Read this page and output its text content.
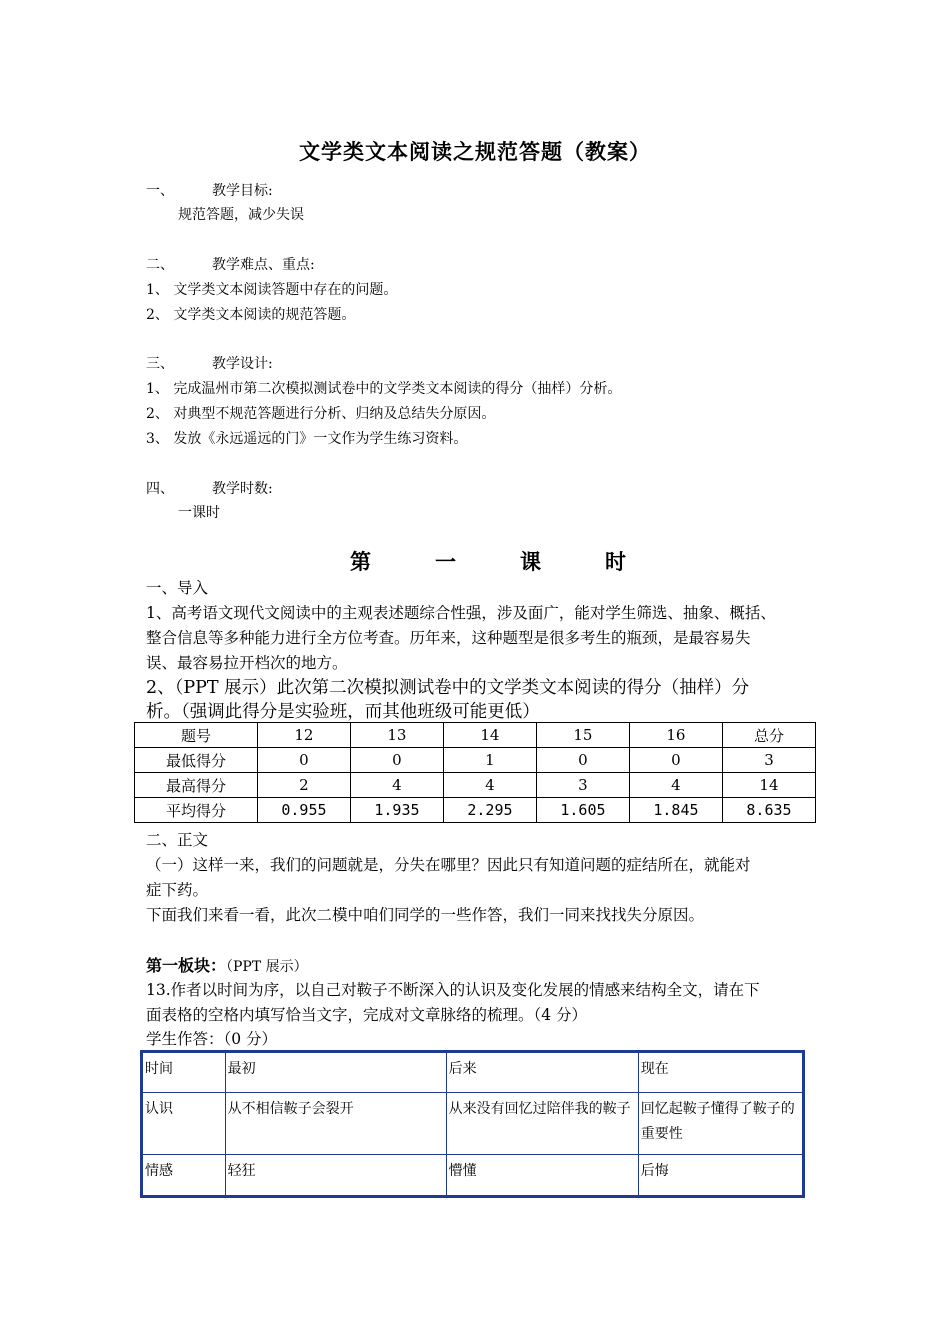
文学类文本阅读之规范答题（教案）
一、	教学目标:
规范答题，减少失误
二、	教学难点、重点:
1、 文学类文本阅读答题中存在的问题。
2、 文学类文本阅读的规范答题。
三、	教学设计:
1、 完成温州市第二次模拟测试卷中的文学类文本阅读的得分（抽样）分析。
2、 对典型不规范答题进行分析、归纳及总结失分原因。
3、 发放《永远遥远的门》一文作为学生练习资料。
四、	教学时数:
一课时
第	一	课	时
一、导入
1、高考语文现代文阅读中的主观表述题综合性强，涉及面广，能对学生筛选、抽象、概括、
整合信息等多种能力进行全方位考查。历年来，这种题型是很多考生的瓶颈，是最容易失
误、最容易拉开档次的地方。
2、（PPT 展示）此次第二次模拟测试卷中的文学类文本阅读的得分（抽样）分
析。（强调此得分是实验班，而其他班级可能更低）
题号	12	13	14	15	16	总分
最低得分	0	0	1	0	0	3
最高得分	2	4	4	3	4	14
平均得分	0.955	1.935	2.295	1.605	1.845	8.635
二、正文
（一）这样一来，我们的问题就是，分失在哪里？因此只有知道问题的症结所在，就能对
症下药。
下面我们来看一看，此次二模中咱们同学的一些作答，我们一同来找找失分原因。
第一板块：（PPT 展示）
13.作者以时间为序，以自己对鞍子不断深入的认识及变化发展的情感来结构全文，请在下
面表格的空格内填写恰当文字，完成对文章脉络的梳理。（4 分）
学生作答：（0 分）
时间	最初	后来	现在
认识	从不相信鞍子会裂开	从来没有回忆过陪伴我的鞍子	回忆起鞍子懂得了鞍子的重要性
情感	轻狂	懵懂	后悔
